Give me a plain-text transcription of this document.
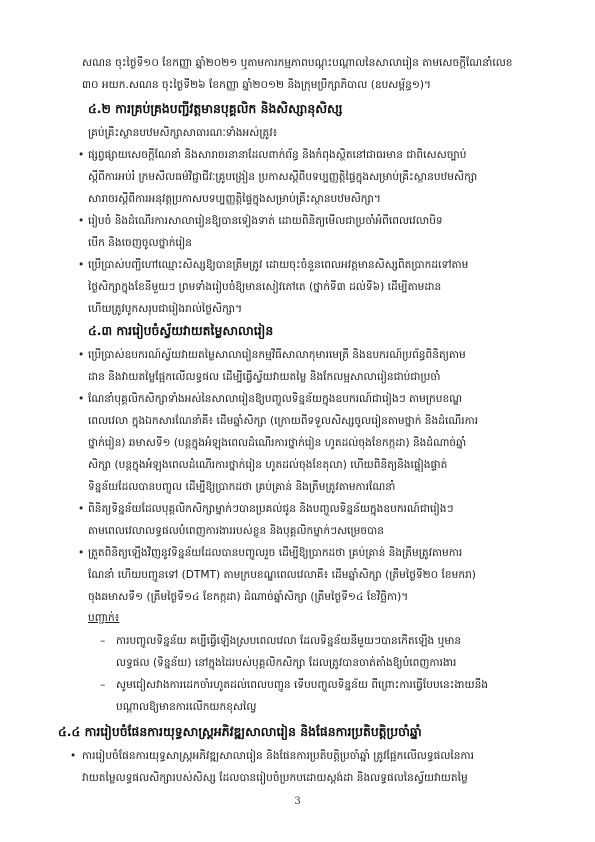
សណន ចុះថ្ងៃទី១០ ខែកញ្ញា ឆ្នាំ២០២១ ឬតាមការកម្មភាពបណ្ដុះបណ្ដាលនៃសាលារៀន តាមសេចក្ដីណែនាំលេខ
៣០ អយក.សណន ចុះថ្ងៃទី២៦ ខែកញ្ញា ឆ្នាំ២០១២ និងក្រុមប្រឹក្សាភិបាល (ឧបសម្ព័ន្ធ១)។
៤.២ ការគ្រប់គ្រងបញ្ជីវត្តមានបុគ្គលិក និងសិស្សានុសិស្ស
គ្រប់គ្រឹះស្ថានបឋមសិក្សាសាធារណៈទាំងអស់ត្រូវ៖
• ផ្សព្វផ្សាយសេចក្ដីណែនាំ និងសារាចរនានាដែលពាក់ព័ន្ធ និងកំពុងស្ថិតនៅជាធរមាន ជាពិសេសច្បាប់
ស្ដីពីការអប់រំ ក្រមសីលធម៌វិជ្ជាជីវៈគ្រូបង្រៀន ប្រកាសស្ដីពីបទប្បញ្ញត្តិផ្ទៃក្នុងសម្រាប់គ្រឹះស្ថានបឋមសិក្សា
សារាចរស្ដីពីការអនុវត្តប្រកាសបទប្បញ្ញត្តិផ្ទៃក្នុងសម្រាប់គ្រឹះស្ថានបឋមសិក្សា។
• រៀបចំ និងដំណើរការសាលារៀនឱ្យបានទៀងទាត់ ដោយពិនិត្យមើលជាប្រចាំអំពីពេលវេលាបិទ
បើក និងចេញចូលថ្នាក់រៀន
• ប្រើប្រាស់បញ្ជីហៅឈ្មោះសិស្សឱ្យបានត្រឹមត្រូវ ដោយចុះចំនួនពេលអវត្តមានសិស្សពិតប្រាកដទៅតាម
ថ្ងៃសិក្សាក្នុងខែនីមួយៗ ព្រមទាំងរៀបចំឱ្យមានសៀវភៅតេ (ថ្នាក់ទី៣ ដល់ទី៦) ដើម្បីតាមដាន
ហើយត្រូវបូកសរុបជារៀងរាល់ថ្ងៃសិក្សា។
៤.៣ ការរៀបចំស្វ័យវាយតម្លៃសាលារៀន
• ប្រើប្រាស់ឧបករណ៍ស្វ័យវាយតម្លៃសាលារៀនកម្មវិធីសាលាកុមារមេត្រី និងឧបករណ៍ប្រព័ន្ធពិនិត្យតាម
ដាន និងវាយតម្លៃផ្អែកលើលទ្ធផល ដើម្បីធ្វើស្វ័យវាយតម្លៃ និងកែលម្អសាលារៀនជាប់ជាប្រចាំ
• ណែនាំបុគ្គលិកសិក្សាទាំងអស់នៃសាលារៀនឱ្យបញ្ចូលទិន្នន័យក្នុងឧបករណ៍ជារៀងៗ តាមក្របខណ្ឌ
ពេលវេលា ក្នុងឯកសារណែនាំគឺ៖ ដើមឆ្នាំសិក្សា (ក្រោយពីទទួលសិស្សចូលរៀនតាមថ្នាក់ និងដំណើរការ
ថ្នាក់រៀន) ឆមាសទី១ (បន្តក្នុងអំឡុងពេលដំណើរការថ្នាក់រៀន ហូតដល់ចុងខែកក្កដា) និងដំណាច់ឆ្នាំ
សិក្សា (បន្តក្នុងអំឡុងពេលដំណើរការថ្នាក់រៀន ហូតដល់ចុងខែតុលា) ហើយពិនិត្យនិងផ្ទៀងផ្ទាត់
ទិន្នន័យដែលបានបញ្ចូល ដើម្បីឱ្យប្រាកដថា គ្រប់គ្រាន់ និងត្រឹមត្រូវតាមការណែនាំ
• ពិនិត្យទិន្នន័យដែលបុគ្គលិកសិក្សាម្នាក់ៗបានប្រគល់ជូន និងបញ្ចូលទិន្នន័យក្នុងឧបករណ៍ជារៀងៗ
តាមពេលវេលាលទ្ធផលបំពេញការងាររបស់ខ្លួន និងបុគ្គលិកម្នាក់ៗសម្រេចបាន
• ត្រួតពិនិត្យឡើងវិញនូវទិន្នន័យដែលបានបញ្ចូលរួច ដើម្បីឱ្យប្រាកដថា គ្រប់គ្រាន់ និងត្រឹមត្រូវតាមការ
ណែនាំ ហើយបញ្ជូនទៅ (DTMT) តាមក្របខណ្ឌពេលវេលាគឺ៖ ដើមឆ្នាំសិក្សា (ត្រឹមថ្ងៃទី២០ ខែមករា)
ចុងឆមាសទី១ (ត្រឹមថ្ងៃទី១៤ ខែកក្កដា) ដំណាច់ឆ្នាំសិក្សា (ត្រឹមថ្ងៃទី១៤ ខែវិច្ឆិកា)។
បញ្ជាក់៖
– ការបញ្ចូលទិន្នន័យ គប្បីធ្វើឡើងស្របពេលវេលា ដែលទិន្នន័យនីមួយៗបានកើតឡើង ឬមាន
លទ្ធផល (ទិន្នន័យ) នៅក្នុងដៃរបស់បុគ្គលិកសិក្សា ដែលត្រូវបានចាត់តាំងឱ្យបំពេញការងារ
– សូមជៀសវាងការដេកចាំរហូតដល់ពេលបញ្ជូន ទើបបញ្ចូលទិន្នន័យ ពីព្រោះការធ្វើបែបនេះងាយនឹង
បណ្ដាលឱ្យមានការលើកយកខុសល្វៃ
៤.៤ ការរៀបចំផែនការយុទ្ធសាស្ត្រអភិវឌ្ឍសាលារៀន និងផែនការប្រតិបត្តិប្រចាំឆ្នាំ
• ការរៀបចំផែនការយុទ្ធសាស្ត្រអភិវឌ្ឍសាលារៀន និងផែនការប្រតិបត្តិប្រចាំឆ្នាំ ត្រូវផ្អែកលើលទ្ធផលនៃការ
វាយតម្លៃលទ្ធផលសិក្សារបស់សិស្ស ដែលបានរៀបចំប្រកបដោយស្តង់ដា និងលទ្ធផលនៃស្វ័យវាយតម្លៃ
3
